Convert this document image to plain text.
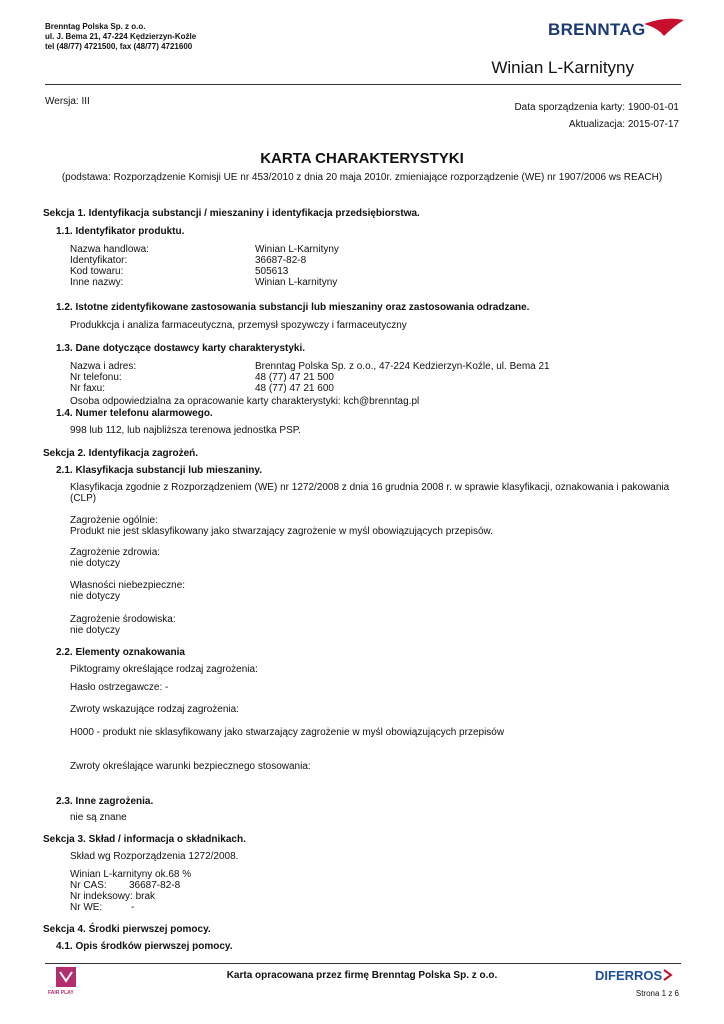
Brenntag Polska Sp. z o.o.
ul. J. Bema 21, 47-224 Kędzierzyn-Koźle
tel (48/77) 4721500, fax (48/77) 4721600
BRENNTAG
Winian L-Karnityny
Wersja: III
Data sporządzenia karty: 1900-01-01
Aktualizacja: 2015-07-17
KARTA CHARAKTERYSTYKI
(podstawa: Rozporządzenie Komisji UE nr 453/2010 z dnia 20 maja 2010r. zmieniające rozporządzenie (WE) nr 1907/2006 ws REACH)
Sekcja 1. Identyfikacja substancji / mieszaniny i identyfikacja przedsiębiorstwa.
1.1. Identyfikator produktu.
Nazwa handlowa:
Identyfikator:
Kod towaru:
Inne nazwy:
Winian L-Karnityny
36687-82-8
505613
Winian L-karnityny
1.2. Istotne zidentyfikowane zastosowania substancji lub mieszaniny oraz zastosowania odradzane.
Produkkcja i analiza farmaceutyczna, przemysł spozywczy i farmaceutyczny
1.3. Dane dotyczące dostawcy karty charakterystyki.
Nazwa i adres:
Nr telefonu:
Nr faxu:
Brenntag Polska Sp. z o.o., 47-224 Kedzierzyn-Koźle, ul. Bema 21
48 (77) 47 21 500
48 (77) 47 21 600
Osoba odpowiedzialna za opracowanie karty charakterystyki: kch@brenntag.pl
1.4. Numer telefonu alarmowego.
998 lub 112, lub najbliższa terenowa jednostka PSP.
Sekcja 2. Identyfikacja zagrożeń.
2.1. Klasyfikacja substancji lub mieszaniny.
Klasyfikacja zgodnie z Rozporządzeniem (WE) nr 1272/2008 z dnia 16 grudnia 2008 r. w sprawie klasyfikacji, oznakowania i pakowania
(CLP)
Zagrożenie ogólnie:
Produkt nie jest sklasyfikowany jako stwarzający zagrożenie w myśl obowiązujących przepisów.
Zagrożenie zdrowia:
nie dotyczy
Własności niebezpieczne:
nie dotyczy
Zagrożenie środowiska:
nie dotyczy
2.2. Elementy oznakowania
Piktogramy określające rodzaj zagrożenia:
Hasło ostrzegawcze: -
Zwroty wskazujące rodzaj zagrożenia:
H000 - produkt nie sklasyfikowany jako stwarzający zagrożenie w myśl obowiązujących przepisów
Zwroty określające warunki bezpiecznego stosowania:
2.3. Inne zagrożenia.
nie są znane
Sekcja 3. Skład / informacja o składnikach.
Skład wg Rozporządzenia 1272/2008.
Winian L-karnityny ok.68 %
Nr CAS: 36687-82-8
Nr indeksowy: brak
Nr WE:	-
Sekcja 4. Środki pierwszej pomocy.
4.1. Opis środków pierwszej pomocy.
FAIR PLAY
Karta opracowana przez firmę Brenntag Polska Sp. z o.o.	DIFERROS
Strona 1 z 6
